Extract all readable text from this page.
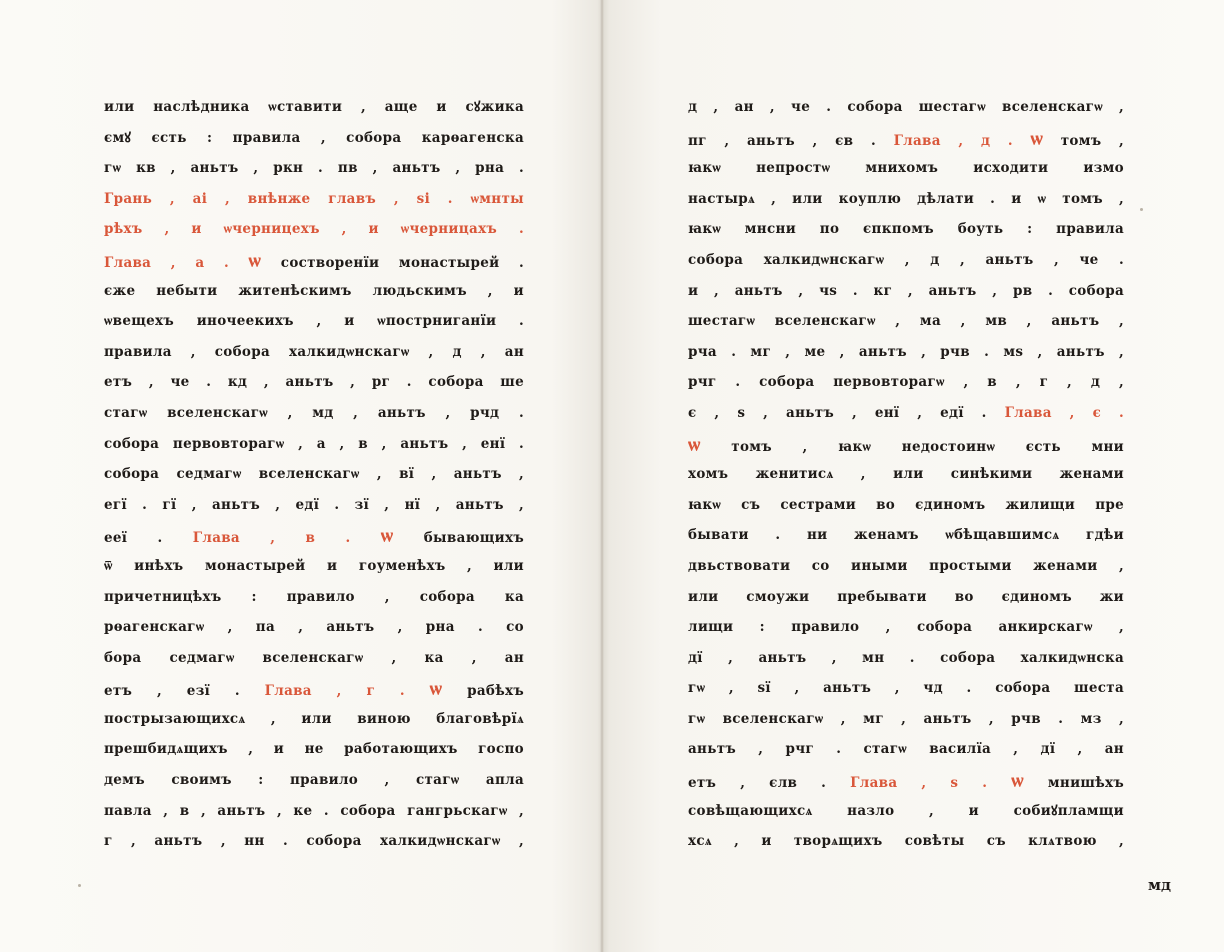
или наслѣдника ѡставити , аще и сꙋжика
ємꙋ єсть : правила , собора карѳагенска
гѡ кв , аньтъ , ркн . пв , аньтъ , рна .
Грань , аі , внѣнже главъ , ѕі . ѡмнты
рѣхъ , и ѡчерницехъ , и ѡчерницахъ .
Глава , а . ѡ состворенїи монастырей .
єже небыти житенѣскимъ людьскимъ , и
ѡвещехъ иночеекихъ , и ѡпострниганїи .
правила , собора халкидѡнскагѡ , д , ан
етъ , че . кд , аньтъ , рг . собора ше
стагѡ вселенскагѡ , мд , аньтъ , рчд .
собора первовторагѡ , а , в , аньтъ , енї .
собора седмагѡ вселенскагѡ , вї , аньтъ ,
егї . гї , аньтъ , едї . зї , нї , аньтъ ,
ееї . Глава , в . ѡ бывающихъ
ѿ инѣхъ монастырей и гоуменѣхъ , или
причетницѣхъ : правило , собора ка
рѳагенскагѡ , па , аньтъ , рна . со
бора седмагѡ вселенскагѡ , ка , ан
етъ , езї . Глава , г . ѡ рабѣхъ
пострызающихсѧ , или виною благовѣрїѧ
прешбидѧщихъ , и не работающихъ госпо
демъ своимъ : правило , стагѡ апла
павла , в , аньтъ , ке . собора гангрьскагѡ ,
г , аньтъ , нн . собора халкидѡнскагѡ ,
д , ан , че . собора шестагѡ вселенскагѡ ,
пг , аньтъ , єв . Глава , д . ѡ томъ ,
ꙗкѡ непростѡ мнихомъ исходити измо
настырѧ , или коуплю дѣлати . и ѡ томъ ,
ꙗкѡ мнсни по єпкпомъ боуть : правила
собора халкидѡнскагѡ , д , аньтъ , че .
и , аньтъ , чѕ . кг , аньтъ , рв . собора
шестагѡ вселенскагѡ , ма , мв , аньтъ ,
рча . мг , ме , аньтъ , рчв . мѕ , аньтъ ,
рчг . собора первовторагѡ , в , г , д ,
є , ѕ , аньтъ , енї , едї . Глава , є .
ѡ томъ , ꙗкѡ недостоинѡ єсть мни
хомъ женитисѧ , или синѣкими женами
ꙗкѡ съ сестрами во єдиномъ жилищи пре
бывати . ни женамъ ѡбѣщавшимсѧ гдѣи
двьствовати со иными простыми женами ,
или смоужи пребывати во єдиномъ жи
лищи : правило , собора анкирскагѡ ,
дї , аньтъ , мн . собора халкидѡнска
гѡ , ѕї , аньтъ , чд . собора шеста
гѡ вселенскагѡ , мг , аньтъ , рчв . мз ,
аньтъ , рчг . стагѡ василїа , дї , ан
етъ , єлв . Глава , ѕ . ѡ мнишѣхъ
совѣщающихсѧ назло , и собиꙋпламщи
хсѧ , и творѧщихъ совѣты съ клѧтвою ,
мд
